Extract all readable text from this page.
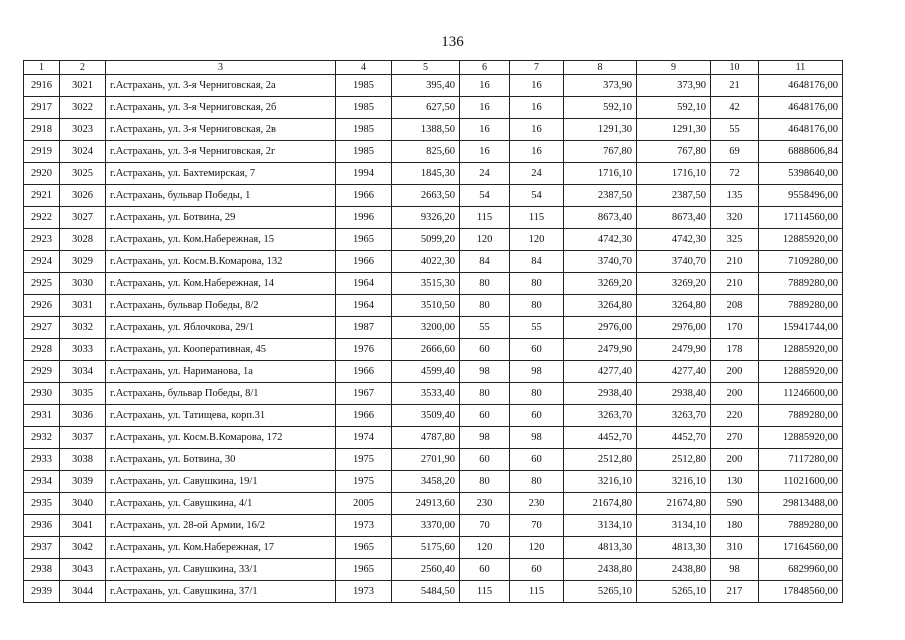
136
1	2	3	4	5	6	7	8	9	10	11
2916	3021	г.Астрахань, ул. 3-я Черниговская, 2а	1985	395,40	16	16	373,90	373,90	21	4648176,00
2917	3022	г.Астрахань, ул. 3-я Черниговская, 2б	1985	627,50	16	16	592,10	592,10	42	4648176,00
2918	3023	г.Астрахань, ул. 3-я Черниговская, 2в	1985	1388,50	16	16	1291,30	1291,30	55	4648176,00
2919	3024	г.Астрахань, ул. 3-я Черниговская, 2г	1985	825,60	16	16	767,80	767,80	69	6888606,84
2920	3025	г.Астрахань, ул. Бахтемирская, 7	1994	1845,30	24	24	1716,10	1716,10	72	5398640,00
2921	3026	г.Астрахань, бульвар Победы, 1	1966	2663,50	54	54	2387,50	2387,50	135	9558496,00
2922	3027	г.Астрахань, ул. Ботвина, 29	1996	9326,20	115	115	8673,40	8673,40	320	17114560,00
2923	3028	г.Астрахань, ул. Ком.Набережная, 15	1965	5099,20	120	120	4742,30	4742,30	325	12885920,00
2924	3029	г.Астрахань, ул. Косм.В.Комарова, 132	1966	4022,30	84	84	3740,70	3740,70	210	7109280,00
2925	3030	г.Астрахань, ул. Ком.Набережная, 14	1964	3515,30	80	80	3269,20	3269,20	210	7889280,00
2926	3031	г.Астрахань, бульвар Победы, 8/2	1964	3510,50	80	80	3264,80	3264,80	208	7889280,00
2927	3032	г.Астрахань, ул. Яблочкова, 29/1	1987	3200,00	55	55	2976,00	2976,00	170	15941744,00
2928	3033	г.Астрахань, ул. Кооперативная, 45	1976	2666,60	60	60	2479,90	2479,90	178	12885920,00
2929	3034	г.Астрахань, ул. Нариманова, 1а	1966	4599,40	98	98	4277,40	4277,40	200	12885920,00
2930	3035	г.Астрахань, бульвар Победы, 8/1	1967	3533,40	80	80	2938,40	2938,40	200	11246600,00
2931	3036	г.Астрахань, ул. Татищева, корп.31	1966	3509,40	60	60	3263,70	3263,70	220	7889280,00
2932	3037	г.Астрахань, ул. Косм.В.Комарова, 172	1974	4787,80	98	98	4452,70	4452,70	270	12885920,00
2933	3038	г.Астрахань, ул. Ботвина, 30	1975	2701,90	60	60	2512,80	2512,80	200	7117280,00
2934	3039	г.Астрахань, ул. Савушкина, 19/1	1975	3458,20	80	80	3216,10	3216,10	130	11021600,00
2935	3040	г.Астрахань, ул. Савушкина, 4/1	2005	24913,60	230	230	21674,80	21674,80	590	29813488,00
2936	3041	г.Астрахань, ул. 28-ой Армии, 16/2	1973	3370,00	70	70	3134,10	3134,10	180	7889280,00
2937	3042	г.Астрахань, ул. Ком.Набережная, 17	1965	5175,60	120	120	4813,30	4813,30	310	17164560,00
2938	3043	г.Астрахань, ул. Савушкина, 33/1	1965	2560,40	60	60	2438,80	2438,80	98	6829960,00
2939	3044	г.Астрахань, ул. Савушкина, 37/1	1973	5484,50	115	115	5265,10	5265,10	217	17848560,00
